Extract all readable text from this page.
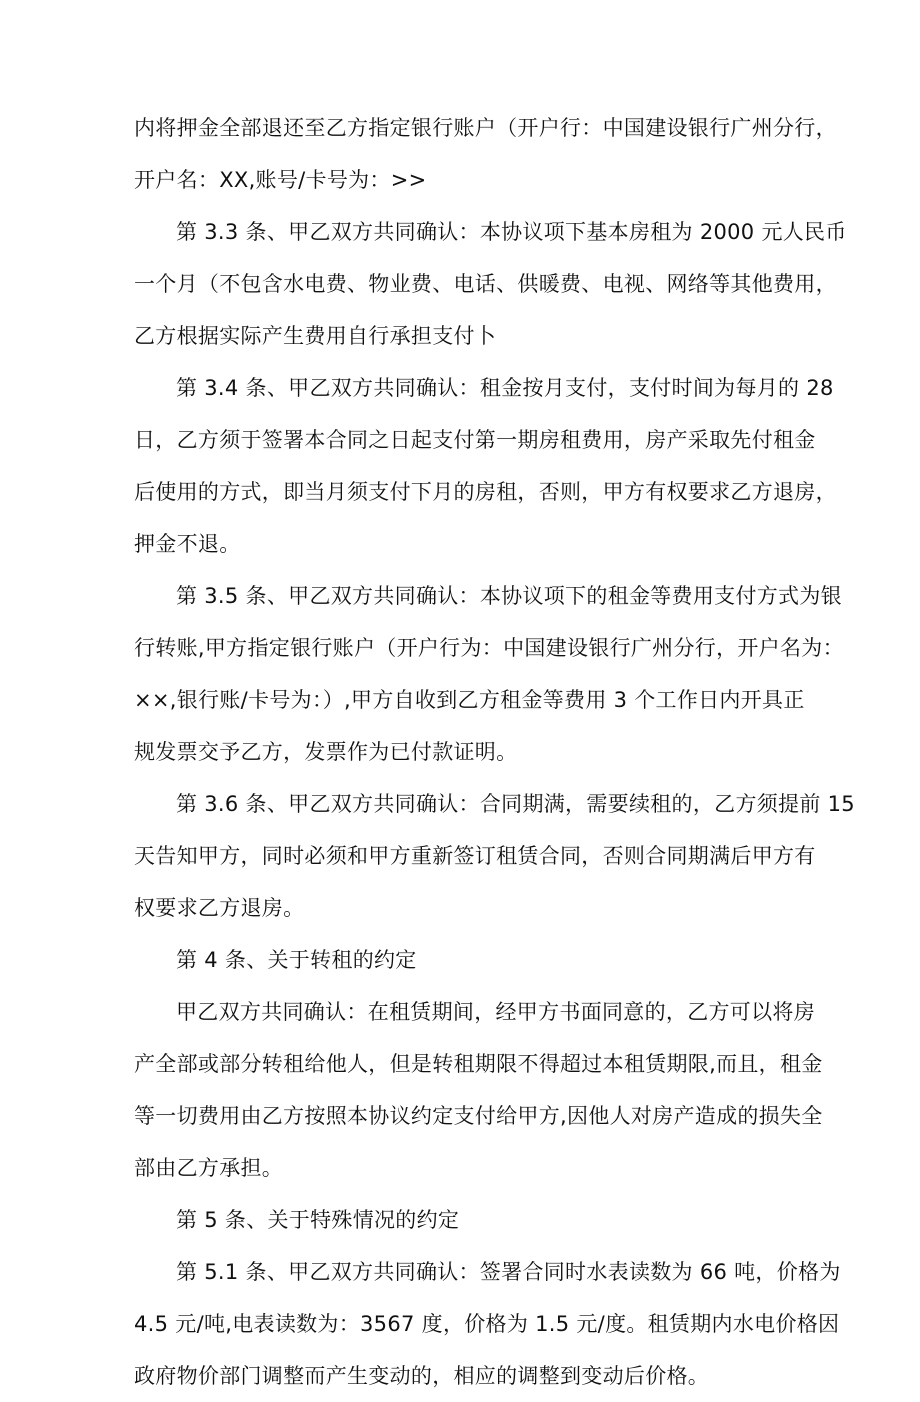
内将押金全部退还至乙方指定银行账户（开户行：中国建设银行广州分行，
开户名：XX,账号/卡号为：>>
第 3.3 条、甲乙双方共同确认：本协议项下基本房租为 2000 元人民币
一个月（不包含水电费、物业费、电话、供暖费、电视、网络等其他费用，
乙方根据实际产生费用自行承担支付卜
第 3.4 条、甲乙双方共同确认：租金按月支付，支付时间为每月的 28
日，乙方须于签署本合同之日起支付第一期房租费用，房产采取先付租金
后使用的方式，即当月须支付下月的房租，否则，甲方有权要求乙方退房，
押金不退。
第 3.5 条、甲乙双方共同确认：本协议项下的租金等费用支付方式为银
行转账,甲方指定银行账户（开户行为：中国建设银行广州分行，开户名为：
××,银行账/卡号为：）,甲方自收到乙方租金等费用 3 个工作日内开具正
规发票交予乙方，发票作为已付款证明。
第 3.6 条、甲乙双方共同确认：合同期满，需要续租的，乙方须提前 15
天告知甲方，同时必须和甲方重新签订租赁合同，否则合同期满后甲方有
权要求乙方退房。
第 4 条、关于转租的约定
甲乙双方共同确认：在租赁期间，经甲方书面同意的，乙方可以将房
产全部或部分转租给他人，但是转租期限不得超过本租赁期限,而且，租金
等一切费用由乙方按照本协议约定支付给甲方,因他人对房产造成的损失全
部由乙方承担。
第 5 条、关于特殊情况的约定
第 5.1 条、甲乙双方共同确认：签署合同时水表读数为 66 吨，价格为
4.5 元/吨,电表读数为：3567 度，价格为 1.5 元/度。租赁期内水电价格因
政府物价部门调整而产生变动的，相应的调整到变动后价格。
